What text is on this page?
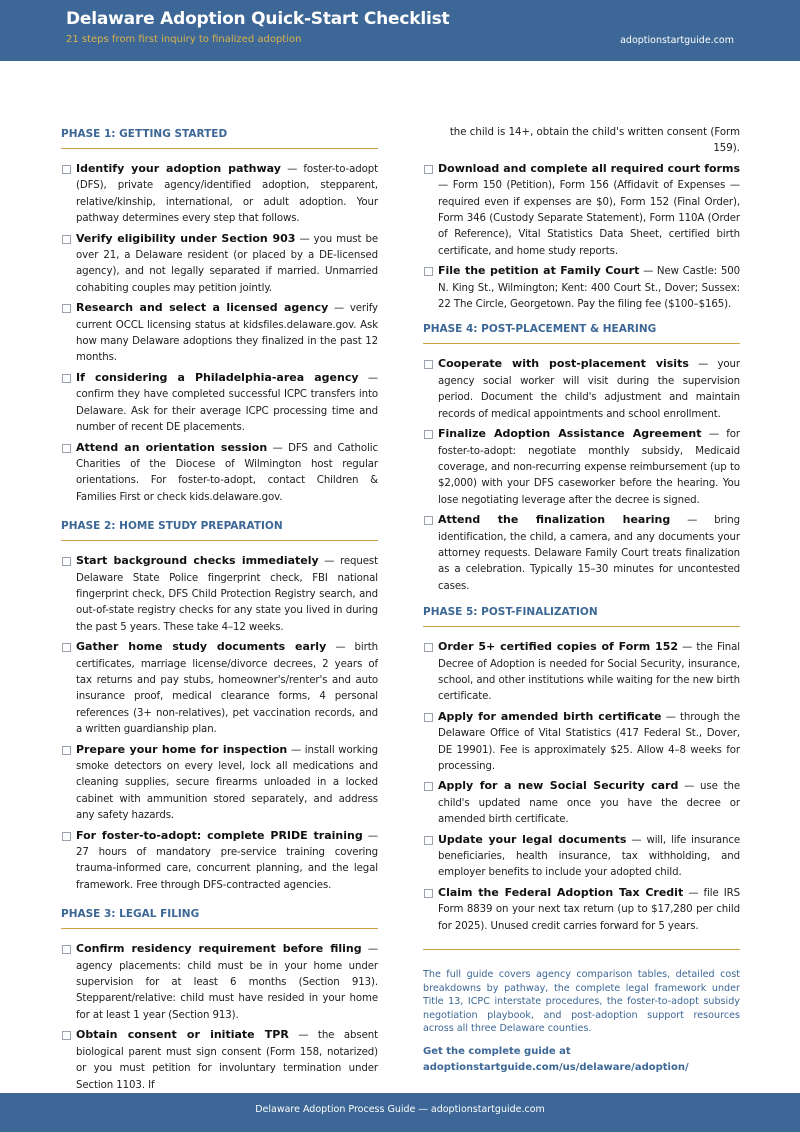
Delaware Adoption Quick-Start Checklist
21 steps from first inquiry to finalized adoption	adoptionstartguide.com
PHASE 1: GETTING STARTED
Identify your adoption pathway — foster-to-adopt (DFS), private agency/identified adoption, stepparent, relative/kinship, international, or adult adoption. Your pathway determines every step that follows.
Verify eligibility under Section 903 — you must be over 21, a Delaware resident (or placed by a DE-licensed agency), and not legally separated if married. Unmarried cohabiting couples may petition jointly.
Research and select a licensed agency — verify current OCCL licensing status at kidsfiles.delaware.gov. Ask how many Delaware adoptions they finalized in the past 12 months.
If considering a Philadelphia-area agency — confirm they have completed successful ICPC transfers into Delaware. Ask for their average ICPC processing time and number of recent DE placements.
Attend an orientation session — DFS and Catholic Charities of the Diocese of Wilmington host regular orientations. For foster-to-adopt, contact Children & Families First or check kids.delaware.gov.
PHASE 2: HOME STUDY PREPARATION
Start background checks immediately — request Delaware State Police fingerprint check, FBI national fingerprint check, DFS Child Protection Registry search, and out-of-state registry checks for any state you lived in during the past 5 years. These take 4–12 weeks.
Gather home study documents early — birth certificates, marriage license/divorce decrees, 2 years of tax returns and pay stubs, homeowner's/renter's and auto insurance proof, medical clearance forms, 4 personal references (3+ non-relatives), pet vaccination records, and a written guardianship plan.
Prepare your home for inspection — install working smoke detectors on every level, lock all medications and cleaning supplies, secure firearms unloaded in a locked cabinet with ammunition stored separately, and address any safety hazards.
For foster-to-adopt: complete PRIDE training — 27 hours of mandatory pre-service training covering trauma-informed care, concurrent planning, and the legal framework. Free through DFS-contracted agencies.
PHASE 3: LEGAL FILING
Confirm residency requirement before filing — agency placements: child must be in your home under supervision for at least 6 months (Section 913). Stepparent/relative: child must have resided in your home for at least 1 year (Section 913).
Obtain consent or initiate TPR — the absent biological parent must sign consent (Form 158, notarized) or you must petition for involuntary termination under Section 1103. If
the child is 14+, obtain the child's written consent (Form 159).
Download and complete all required court forms — Form 150 (Petition), Form 156 (Affidavit of Expenses — required even if expenses are $0), Form 152 (Final Order), Form 346 (Custody Separate Statement), Form 110A (Order of Reference), Vital Statistics Data Sheet, certified birth certificate, and home study reports.
File the petition at Family Court — New Castle: 500 N. King St., Wilmington; Kent: 400 Court St., Dover; Sussex: 22 The Circle, Georgetown. Pay the filing fee ($100–$165).
PHASE 4: POST-PLACEMENT & HEARING
Cooperate with post-placement visits — your agency social worker will visit during the supervision period. Document the child's adjustment and maintain records of medical appointments and school enrollment.
Finalize Adoption Assistance Agreement — for foster-to-adopt: negotiate monthly subsidy, Medicaid coverage, and non-recurring expense reimbursement (up to $2,000) with your DFS caseworker before the hearing. You lose negotiating leverage after the decree is signed.
Attend the finalization hearing — bring identification, the child, a camera, and any documents your attorney requests. Delaware Family Court treats finalization as a celebration. Typically 15–30 minutes for uncontested cases.
PHASE 5: POST-FINALIZATION
Order 5+ certified copies of Form 152 — the Final Decree of Adoption is needed for Social Security, insurance, school, and other institutions while waiting for the new birth certificate.
Apply for amended birth certificate — through the Delaware Office of Vital Statistics (417 Federal St., Dover, DE 19901). Fee is approximately $25. Allow 4–8 weeks for processing.
Apply for a new Social Security card — use the child's updated name once you have the decree or amended birth certificate.
Update your legal documents — will, life insurance beneficiaries, health insurance, tax withholding, and employer benefits to include your adopted child.
Claim the Federal Adoption Tax Credit — file IRS Form 8839 on your next tax return (up to $17,280 per child for 2025). Unused credit carries forward for 5 years.
The full guide covers agency comparison tables, detailed cost breakdowns by pathway, the complete legal framework under Title 13, ICPC interstate procedures, the foster-to-adopt subsidy negotiation playbook, and post-adoption support resources across all three Delaware counties.
Get the complete guide at
adoptionstartguide.com/us/delaware/adoption/
Delaware Adoption Process Guide — adoptionstartguide.com
